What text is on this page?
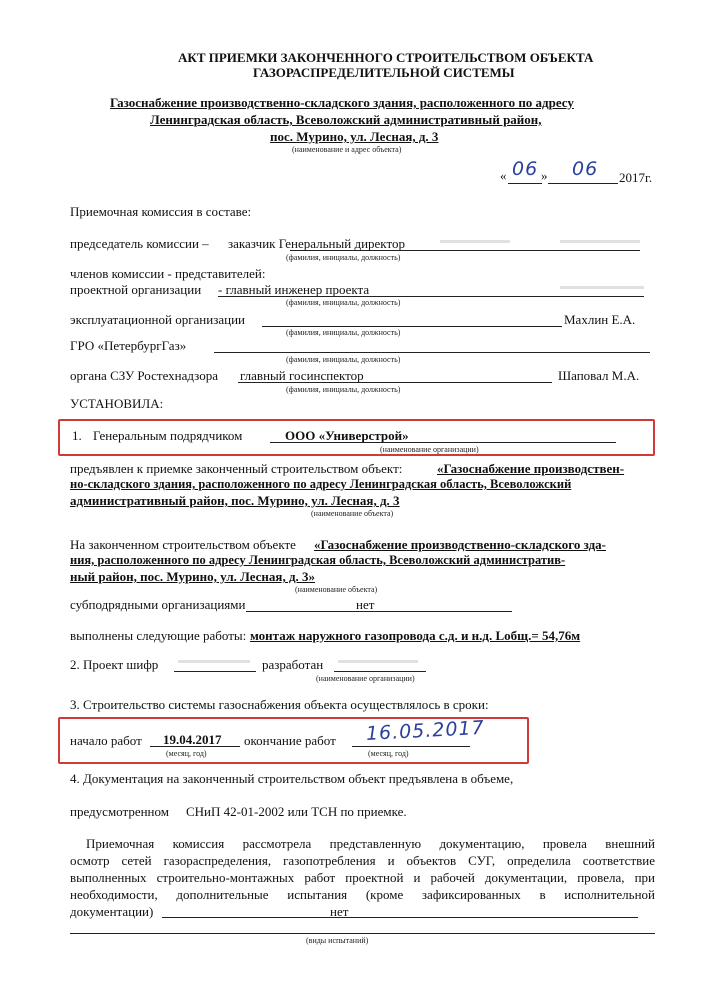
АКТ ПРИЕМКИ ЗАКОНЧЕННОГО СТРОИТЕЛЬСТВОМ ОБЪЕКТА
ГАЗОРАСПРЕДЕЛИТЕЛЬНОЙ СИСТЕМЫ
Газоснабжение производственно-складского здания, расположенного по адресу
Ленинградская область, Всеволожский административный район,
пос. Мурино, ул. Лесная, д. 3
(наименование и адрес объекта)
« 06 » 06 2017г.
Приемочная комиссия в составе:
председатель комиссии – заказчик Генеральный директор
(фамилия, инициалы, должность)
членов комиссии - представителей:
проектной организации - главный инженер проекта
(фамилия, инициалы, должность)
эксплуатационной организации	Махлин Е.А.
(фамилия, инициалы, должность)
ГРО «ПетербургГаз»
(фамилия, инициалы, должность)
органа СЗУ Ростехнадзора главный госинспектор	Шаповал М.А.
(фамилия, инициалы, должность)
УСТАНОВИЛА:
1. Генеральным подрядчиком	ООО «Универстрой»
(наименование организации)
предъявлен к приемке законченный строительством объект:	«Газоснабжение производствен-
но-складского здания, расположенного по адресу Ленинградская область, Всеволожский
административный район, пос. Мурино, ул. Лесная, д. 3
(наименование объекта)
На законченном строительством объекте «Газоснабжение производственно-складского зда-
ния, расположенного по адресу Ленинградская область, Всеволожский административ-
ный район, пос. Мурино, ул. Лесная, д. 3»
(наименование объекта)
субподрядными организациями	нет
выполнены следующие работы: монтаж наружного газопровода с.д. и н.д. Lобщ.= 54,76м
2. Проект шифр	разработан
(наименование организации)
3. Строительство системы газоснабжения объекта осуществлялось в сроки:
начало работ 19.04.2017
(месяц, год)
окончание работ 16.05.2017
(месяц, год)
4. Документация на законченный строительством объект предъявлена в объеме,
предусмотренном СНиП 42-01-2002 или ТСН по приемке.
Приемочная комиссия рассмотрела представленную документацию, провела внешний
осмотр сетей газораспределения, газопотребления и объектов СУГ, определила соответствие
выполненных строительно-монтажных работ проектной и рабочей документации, провела, при
необходимости, дополнительные испытания (кроме зафиксированных в исполнительной
документации)	нет
(виды испытаний)
